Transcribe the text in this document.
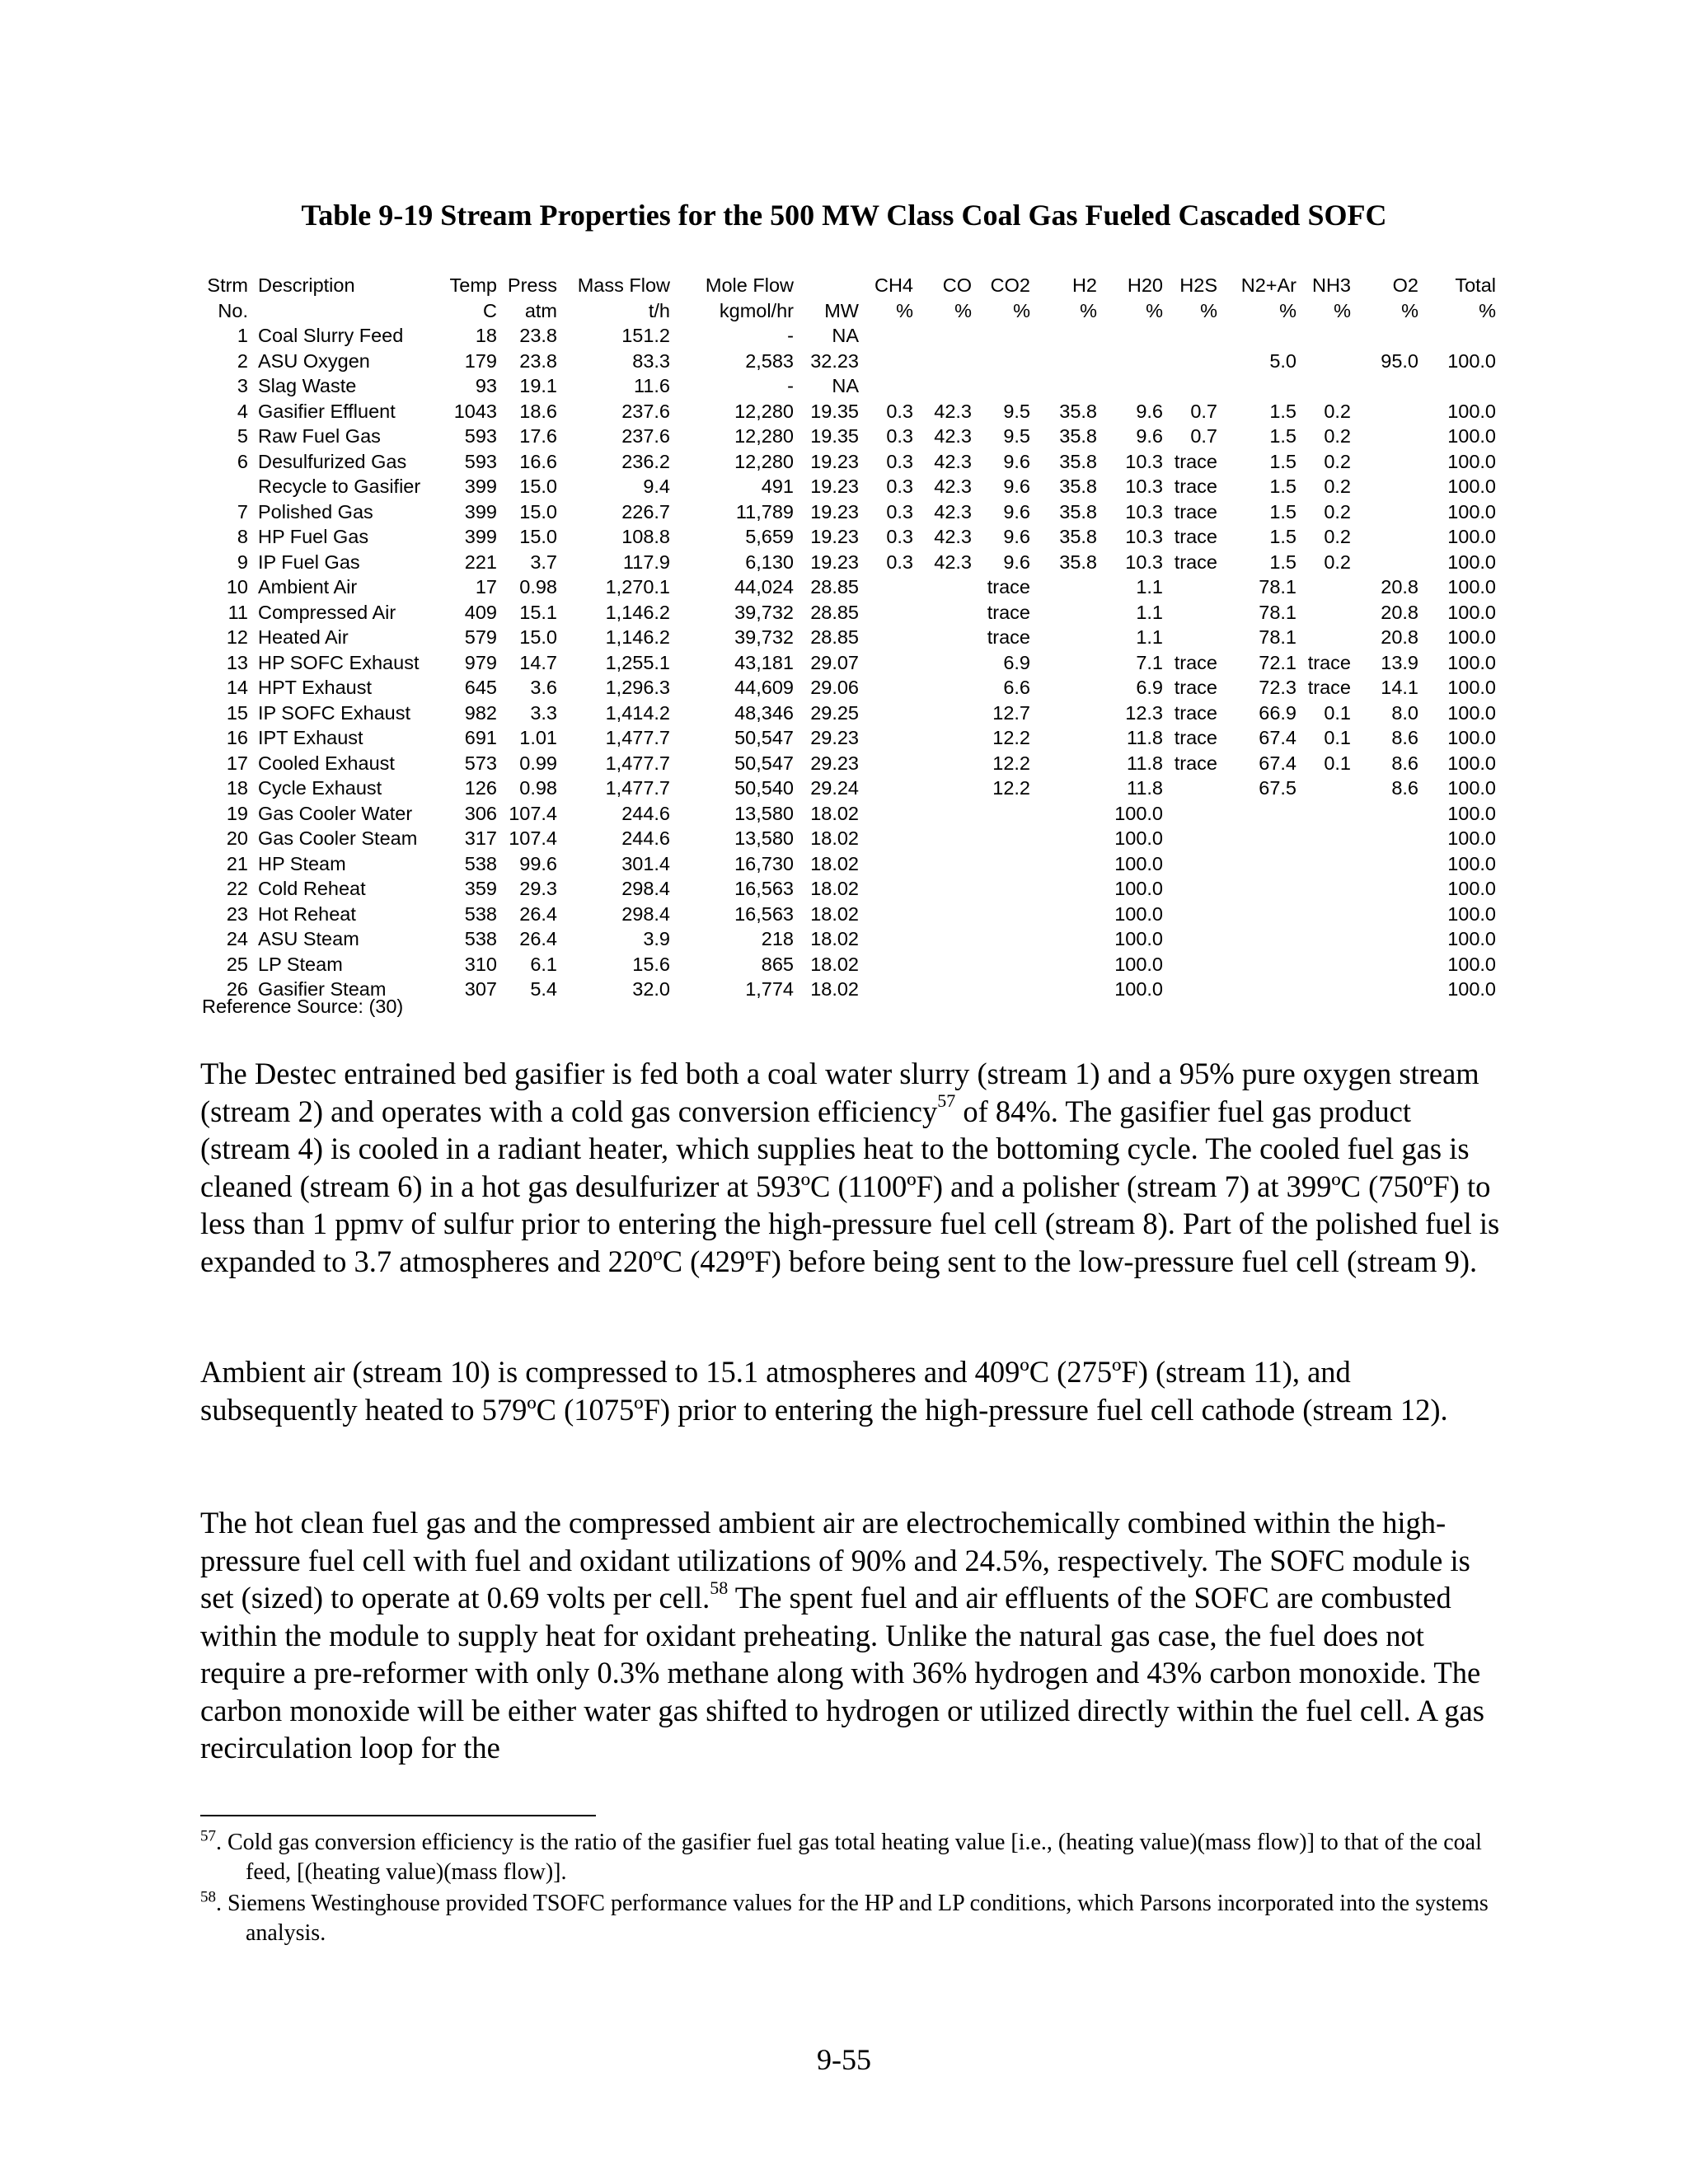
Table 9-19 Stream Properties for the 500 MW Class Coal Gas Fueled Cascaded SOFC
Strm	Description	Temp	Press	Mass Flow	Mole Flow		CH4	CO	CO2	H2	H20	H2S	N2+Ar	NH3	O2	Total
No.		C	atm	t/h	kgmol/hr	MW	%	%	%	%	%	%	%	%	%	%
1	Coal Slurry Feed	18	23.8	151.2	-	NA										
2	ASU Oxygen	179	23.8	83.3	2,583	32.23							5.0		95.0	100.0
3	Slag Waste	93	19.1	11.6	-	NA										
4	Gasifier Effluent	1043	18.6	237.6	12,280	19.35	0.3	42.3	9.5	35.8	9.6	0.7	1.5	0.2		100.0
5	Raw Fuel Gas	593	17.6	237.6	12,280	19.35	0.3	42.3	9.5	35.8	9.6	0.7	1.5	0.2		100.0
6	Desulfurized Gas	593	16.6	236.2	12,280	19.23	0.3	42.3	9.6	35.8	10.3	trace	1.5	0.2		100.0
	Recycle to Gasifier	399	15.0	9.4	491	19.23	0.3	42.3	9.6	35.8	10.3	trace	1.5	0.2		100.0
7	Polished Gas	399	15.0	226.7	11,789	19.23	0.3	42.3	9.6	35.8	10.3	trace	1.5	0.2		100.0
8	HP Fuel Gas	399	15.0	108.8	5,659	19.23	0.3	42.3	9.6	35.8	10.3	trace	1.5	0.2		100.0
9	IP Fuel Gas	221	3.7	117.9	6,130	19.23	0.3	42.3	9.6	35.8	10.3	trace	1.5	0.2		100.0
10	Ambient Air	17	0.98	1,270.1	44,024	28.85			trace		1.1		78.1		20.8	100.0
11	Compressed Air	409	15.1	1,146.2	39,732	28.85			trace		1.1		78.1		20.8	100.0
12	Heated Air	579	15.0	1,146.2	39,732	28.85			trace		1.1		78.1		20.8	100.0
13	HP SOFC Exhaust	979	14.7	1,255.1	43,181	29.07			6.9		7.1	trace	72.1	trace	13.9	100.0
14	HPT Exhaust	645	3.6	1,296.3	44,609	29.06			6.6		6.9	trace	72.3	trace	14.1	100.0
15	IP SOFC Exhaust	982	3.3	1,414.2	48,346	29.25			12.7		12.3	trace	66.9	0.1	8.0	100.0
16	IPT Exhaust	691	1.01	1,477.7	50,547	29.23			12.2		11.8	trace	67.4	0.1	8.6	100.0
17	Cooled Exhaust	573	0.99	1,477.7	50,547	29.23			12.2		11.8	trace	67.4	0.1	8.6	100.0
18	Cycle Exhaust	126	0.98	1,477.7	50,540	29.24			12.2		11.8		67.5		8.6	100.0
19	Gas Cooler Water	306	107.4	244.6	13,580	18.02					100.0					100.0
20	Gas Cooler Steam	317	107.4	244.6	13,580	18.02					100.0					100.0
21	HP Steam	538	99.6	301.4	16,730	18.02					100.0					100.0
22	Cold Reheat	359	29.3	298.4	16,563	18.02					100.0					100.0
23	Hot Reheat	538	26.4	298.4	16,563	18.02					100.0					100.0
24	ASU Steam	538	26.4	3.9	218	18.02					100.0					100.0
25	LP Steam	310	6.1	15.6	865	18.02					100.0					100.0
26	Gasifier Steam	307	5.4	32.0	1,774	18.02					100.0					100.0
Reference Source: (30)

The Destec entrained bed gasifier is fed both a coal water slurry (stream 1) and a 95% pure oxygen stream (stream 2) and operates with a cold gas conversion efficiency$^{57}$ of 84%. The gasifier fuel gas product (stream 4) is cooled in a radiant heater, which supplies heat to the bottoming cycle. The cooled fuel gas is cleaned (stream 6) in a hot gas desulfurizer at 593ºC (1100ºF) and a polisher (stream 7) at 399ºC (750ºF) to less than 1 ppmv of sulfur prior to entering the high-pressure fuel cell (stream 8). Part of the polished fuel is expanded to 3.7 atmospheres and 220ºC (429ºF) before being sent to the low-pressure fuel cell (stream 9).

Ambient air (stream 10) is compressed to 15.1 atmospheres and 409ºC (275ºF) (stream 11), and subsequently heated to 579ºC (1075ºF) prior to entering the high-pressure fuel cell cathode (stream 12).

The hot clean fuel gas and the compressed ambient air are electrochemically combined within the high-pressure fuel cell with fuel and oxidant utilizations of 90% and 24.5%, respectively. The SOFC module is set (sized) to operate at 0.69 volts per cell.$^{58}$ The spent fuel and air effluents of the SOFC are combusted within the module to supply heat for oxidant preheating. Unlike the natural gas case, the fuel does not require a pre-reformer with only 0.3% methane along with 36% hydrogen and 43% carbon monoxide. The carbon monoxide will be either water gas shifted to hydrogen or utilized directly within the fuel cell. A gas recirculation loop for the

$^{57}$. Cold gas conversion efficiency is the ratio of the gasifier fuel gas total heating value [i.e., (heating value)(mass flow)] to that of the coal feed, [(heating value)(mass flow)].

$^{58}$. Siemens Westinghouse provided TSOFC performance values for the HP and LP conditions, which Parsons incorporated into the systems analysis.

9-55
